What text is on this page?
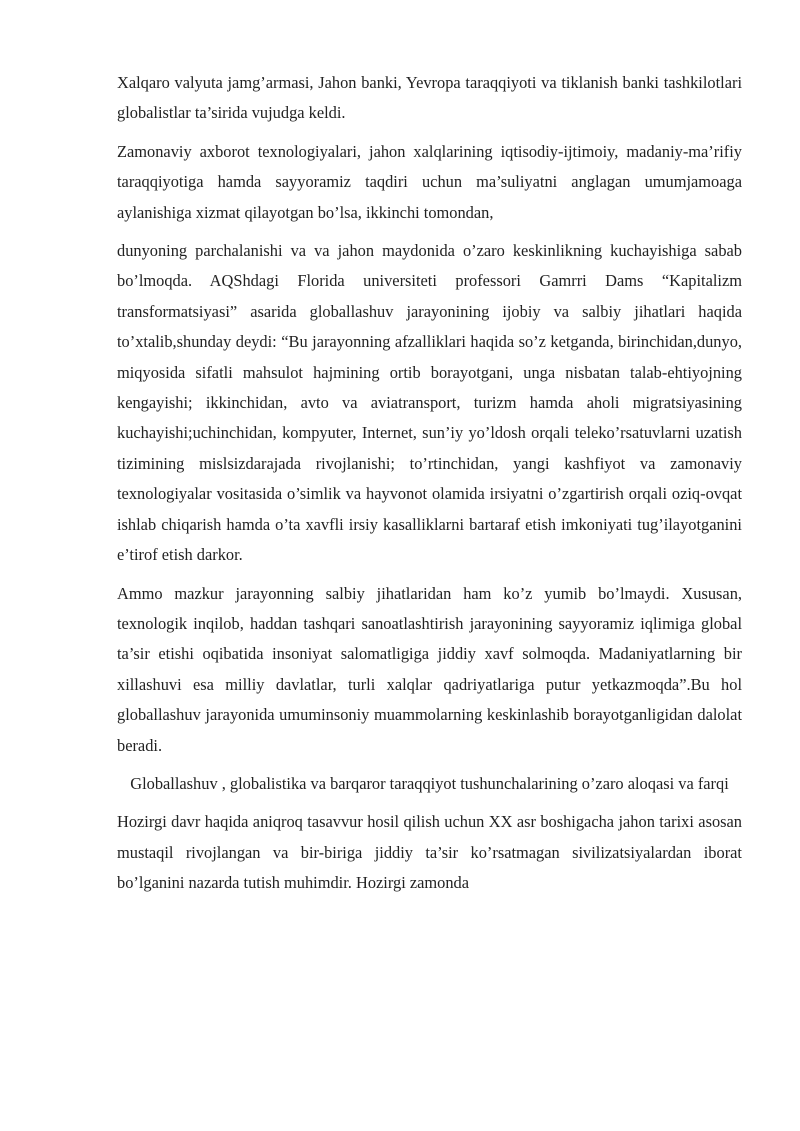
Xalqaro valyuta jamg’armasi, Jahon banki, Yevropa taraqqiyoti va tiklanish banki tashkilotlari globalistlar ta’sirida vujudga keldi.

Zamonaviy axborot texnologiyalari, jahon xalqlarining iqtisodiy-ijtimoiy, madaniy-ma’rifiy taraqqiyotiga hamda sayyoramiz taqdiri uchun ma’suliyatni anglagan umumjamoaga aylanishiga xizmat qilayotgan bo’lsa, ikkinchi tomondan,

dunyoning parchalanishi va va jahon maydonida o’zaro keskinlikning kuchayishiga sabab bo’lmoqda. AQShdagi Florida universiteti professori Gamrri Dams “Kapitalizm transformatsiyasi” asarida globallashuv jarayonining ijobiy va salbiy jihatlari haqida to’xtalib,shunday deydi: “Bu jarayonning afzalliklari haqida so’z ketganda, birinchidan,dunyo, miqyosida sifatli mahsulot hajmining ortib borayotgani, unga nisbatan talab-ehtiyojning kengayishi; ikkinchidan, avto va aviatransport, turizm hamda aholi migratsiyasining kuchayishi;uchinchidan, kompyuter, Internet, sun’iy yo’ldosh orqali teleko’rsatuvlarni uzatish tizimining mislsizdarajada rivojlanishi; to’rtinchidan, yangi kashfiyot va zamonaviy texnologiyalar vositasida o’simlik va hayvonot olamida irsiyatni o’zgartirish orqali oziq-ovqat ishlab chiqarish hamda o’ta xavfli irsiy kasalliklarni bartaraf etish imkoniyati tug’ilayotganini e’tirof etish darkor.

Ammo mazkur jarayonning salbiy jihatlaridan ham ko’z yumib bo’lmaydi. Xususan, texnologik inqilob, haddan tashqari sanoatlashtirish jarayonining sayyoramiz iqlimiga global ta’sir etishi oqibatida insoniyat salomatligiga jiddiy xavf solmoqda. Madaniyatlarning bir xillashuvi esa milliy davlatlar, turli xalqlar qadriyatlariga putur yetkazmoqda”.Bu hol globallashuv jarayonida umuminsoniy muammolarning keskinlashib borayotganligidan dalolat beradi.

Globallashuv , globalistika va barqaror taraqqiyot tushunchalarining o’zaro aloqasi va farqi

Hozirgi davr haqida aniqroq tasavvur hosil qilish uchun XX asr boshigacha jahon tarixi asosan mustaqil rivojlangan va bir-biriga jiddiy ta’sir ko’rsatmagan sivilizatsiyalardan iborat bo’lganini nazarda tutish muhimdir. Hozirgi zamonda
